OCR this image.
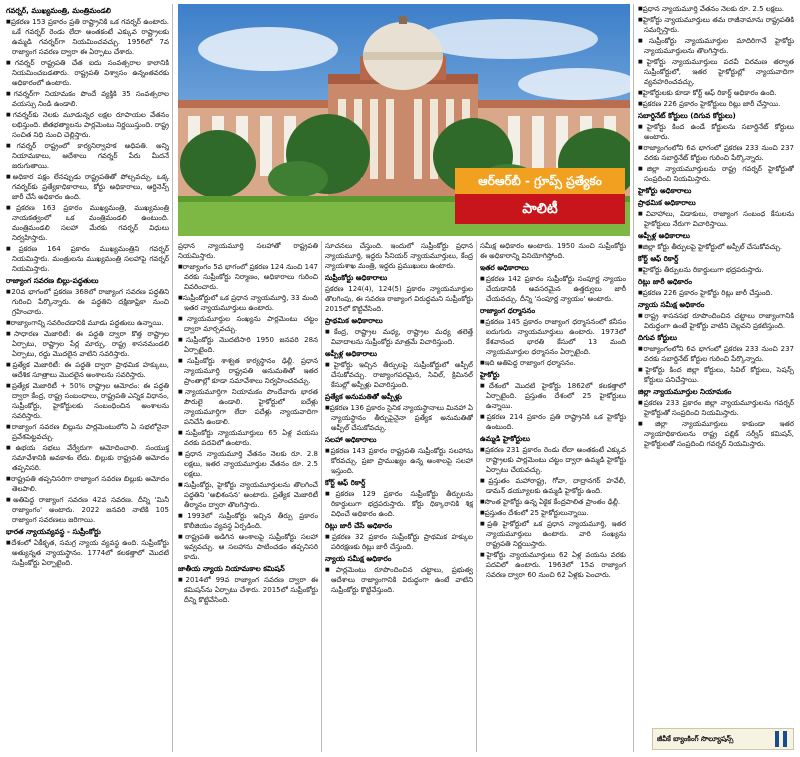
గవర్నర్‌, ముఖ్యమంత్రి, మంత్రిమండలి

■ ప్రకరణ 153 ప్రకారం ప్రతి రాష్ట్రానికి ఒక గవర్నర్‌ ఉంటారు. ఒకే గవర్నర్‌ రెండు లేదా అంతకంటే ఎక్కువ రాష్ట్రాలకు ఉమ్మడి గవర్నర్‌గా నియమించవచ్చు. 1956లో 7వ రాజ్యాంగ సవరణ ద్వారా ఈ ఏర్పాటు చేశారు.

■ గవర్నర్‌ రాష్ట్రపతి చేత ఐదు సంవత్సరాల కాలానికి నియమించబడతారు. రాష్ట్రపతి విశ్వాసం ఉన్నంతవరకు అధికారంలో ఉంటారు.

■ గవర్నర్‌గా నియామకం పొందే వ్యక్తికి 35 సంవత్సరాల వయస్సు నిండి ఉండాలి.

■ గవర్నర్‌కు నెలకు మూడున్నర లక్షల రూపాయల వేతనం లభిస్తుంది. జీతభత్యాలను పార్లమెంటు నిర్ణయిస్తుంది. రాష్ట్ర సంచిత నిధి నుంచి చెల్లిస్తారు.

■ గవర్నర్‌ రాష్ట్రంలో కార్యనిర్వాహక అధిపతి. అన్ని నియామకాలు, ఆదేశాలు గవర్నర్‌ పేరు మీదనే జరుగుతాయి.

■ అధికార పక్షం లేనప్పుడు రాష్ట్రపతితో పోల్చవచ్చు. ఒక్క గవర్నర్‌కు ప్రత్యేకాధికారాలు, కోర్టు అధికారాలు, ఆర్డినెన్స్‌ జారీ చేసే అధికారం ఉంది.

■ ప్రకరణ 163 ప్రకారం ముఖ్యమంత్రి, ముఖ్యమంత్రి నాయకత్వంలో ఒక మంత్రిమండలి ఉంటుంది. మంత్రిమండలి సలహా మేరకు గవర్నర్‌ విధులు నిర్వహిస్తారు.

■ ప్రకరణ 164 ప్రకారం ముఖ్యమంత్రిని గవర్నర్‌ నియమిస్తారు. మంత్రులను ముఖ్యమంత్రి సలహాపై గవర్నర్‌ నియమిస్తారు.

రాజ్యాంగ సవరణ బిల్లు-పద్ధతులు

■ 20వ భాగంలో ప్రకరణ 368లో రాజ్యాంగ సవరణ పద్ధతిని గురించి పేర్కొన్నారు. ఈ పద్ధతిని దక్షిణాఫ్రికా నుంచి గ్రహించారు.

■ రాజ్యాంగాన్ని సవరించడానికి మూడు పద్ధతులు ఉన్నాయి.

■ సాధారణ మెజారిటీ: ఈ పద్ధతి ద్వారా కొత్త రాష్ట్రాల ఏర్పాటు, రాష్ట్రాల పేర్ల మార్పు, రాష్ట్ర శాసనమండలి ఏర్పాటు, రద్దు మొదలైన వాటిని సవరిస్తారు.

■ ప్రత్యేక మెజారిటీ: ఈ పద్ధతి ద్వారా ప్రాథమిక హక్కులు, ఆదేశిక సూత్రాలు మొదలైన అంశాలను సవరిస్తారు.

■ ప్రత్యేక మెజారిటీ + 50% రాష్ట్రాల ఆమోదం: ఈ పద్ధతి ద్వారా కేంద్ర, రాష్ట్ర సంబంధాలు, రాష్ట్రపతి ఎన్నిక విధానం, సుప్రీంకోర్టు, హైకోర్టులకు సంబంధించిన అంశాలను సవరిస్తారు.

■ రాజ్యాంగ సవరణ బిల్లును పార్లమెంటులోని ఏ సభలోనైనా ప్రవేశపెట్టవచ్చు.

■ ఉభయ సభలు వేర్వేరుగా ఆమోదించాలి. సంయుక్త సమావేశానికి అవకాశం లేదు. బిల్లుకు రాష్ట్రపతి ఆమోదం తప్పనిసరి.

■ రాష్ట్రపతి తప్పనిసరిగా రాజ్యాంగ సవరణ బిల్లుకు ఆమోదం తెలపాలి.

■ అతిపెద్ద రాజ్యాంగ సవరణ 42వ సవరణ. దీన్ని 'మినీ రాజ్యాంగం' అంటారు. 2022 జనవరి నాటికి 105 రాజ్యాంగ సవరణలు జరిగాయి.

భారత న్యాయవ్యవస్థ - సుప్రీంకోర్టు

■ దేశంలో ఏకీకృత, సమగ్ర న్యాయ వ్యవస్థ ఉంది. సుప్రీంకోర్టు అత్యున్నత న్యాయస్థానం. 1774లో కలకత్తాలో మొదటి సుప్రీంకోర్టు ఏర్పాటైంది.

ఆర్‌ఆర్‌బీ - గ్రూప్స్‌ ప్రత్యేకం
పాలిటీ

ప్రధాన న్యాయమూర్తి సలహాతో రాష్ట్రపతి నియమిస్తారు.

■ రాజ్యాంగం 5వ భాగంలో ప్రకరణ 124 నుంచి 147 వరకు సుప్రీంకోర్టు నిర్మాణం, అధికారాలు గురించి వివరించారు.

■ సుప్రీంకోర్టులో ఒక ప్రధాన న్యాయమూర్తి, 33 మంది ఇతర న్యాయమూర్తులు ఉంటారు.

■ న్యాయమూర్తుల సంఖ్యను పార్లమెంటు చట్టం ద్వారా మార్చవచ్చు.

■ సుప్రీంకోర్టు మొదటిసారి 1950 జనవరి 28న ఏర్పాటైంది.

■ సుప్రీంకోర్టు శాశ్వత కార్యస్థానం ఢిల్లీ. ప్రధాన న్యాయమూర్తి రాష్ట్రపతి అనుమతితో ఇతర ప్రాంతాల్లో కూడా సమావేశాలు నిర్వహించవచ్చు.

■ న్యాయమూర్తిగా నియామకం పొందేవారు భారత పౌరులై ఉండాలి. హైకోర్టులో ఐదేళ్లు న్యాయమూర్తిగా లేదా పదేళ్లు న్యాయవాదిగా పనిచేసి ఉండాలి.

■ సుప్రీంకోర్టు న్యాయమూర్తులు 65 ఏళ్ల వయసు వరకు పదవిలో ఉంటారు.

■ ప్రధాన న్యాయమూర్తి వేతనం నెలకు రూ. 2.8 లక్షలు, ఇతర న్యాయమూర్తుల వేతనం రూ. 2.5 లక్షలు.

■ సుప్రీంకోర్టు, హైకోర్టు న్యాయమూర్తులను తొలగించే పద్ధతిని 'అభిశంసన' అంటారు. ప్రత్యేక మెజారిటీ తీర్మానం ద్వారా తొలగిస్తారు.

■ 1993లో సుప్రీంకోర్టు ఇచ్చిన తీర్పు ప్రకారం కొలీజియం వ్యవస్థ ఏర్పడింది.

■ రాష్ట్రపతి అడిగిన అంశాలపై సుప్రీంకోర్టు సలహా ఇవ్వవచ్చు. ఆ సలహాను పాటించడం తప్పనిసరి కాదు.

జాతీయ న్యాయ నియామకాల కమిషన్‌

■ 2014లో 99వ రాజ్యాంగ సవరణ ద్వారా ఈ కమిషన్‌ను ఏర్పాటు చేశారు. 2015లో సుప్రీంకోర్టు దీన్ని కొట్టివేసింది.

సూచనలు చేస్తుంది. ఇందులో సుప్రీంకోర్టు ప్రధాన న్యాయమూర్తి, ఇద్దరు సీనియర్‌ న్యాయమూర్తులు, కేంద్ర న్యాయశాఖ మంత్రి, ఇద్దరు ప్రముఖులు ఉంటారు.

సుప్రీంకోర్టు అధికారాలు

ప్రకరణ 124(4), 124(5) ప్రకారం న్యాయమూర్తుల తొలగింపు, ఈ సవరణ రాజ్యాంగ విరుద్ధమని సుప్రీంకోర్టు 2015లో కొట్టివేసింది.

ప్రాథమిక అధికారాలు

■ కేంద్ర, రాష్ట్రాల మధ్య, రాష్ట్రాల మధ్య తలెత్తే వివాదాలను సుప్రీంకోర్టు మాత్రమే విచారిస్తుంది.

అప్పీళ్ల అధికారాలు

■ హైకోర్టు ఇచ్చిన తీర్పులపై సుప్రీంకోర్టులో అప్పీల్‌ చేసుకోవచ్చు. రాజ్యాంగపరమైన, సివిల్‌, క్రిమినల్‌ కేసుల్లో అప్పీళ్లు విచారిస్తుంది.

ప్రత్యేక అనుమతితో అప్పీళ్లు

■ ప్రకరణ 136 ప్రకారం సైనిక న్యాయస్థానాలు మినహా ఏ న్యాయస్థానం తీర్పుపైనైనా ప్రత్యేక అనుమతితో అప్పీల్‌ చేసుకోవచ్చు.

సలహా అధికారాలు

■ ప్రకరణ 143 ప్రకారం రాష్ట్రపతి సుప్రీంకోర్టు సలహాను కోరవచ్చు. ప్రజా ప్రాముఖ్యం ఉన్న అంశాలపై సలహా ఇస్తుంది.

కోర్ట్‌ ఆఫ్‌ రికార్డ్‌

■ ప్రకరణ 129 ప్రకారం సుప్రీంకోర్టు తీర్పులను రికార్డులుగా భద్రపరుస్తారు. కోర్టు ధిక్కారానికి శిక్ష విధించే అధికారం ఉంది.

రిట్లు జారీ చేసే అధికారం

■ ప్రకరణ 32 ప్రకారం సుప్రీంకోర్టు ప్రాథమిక హక్కుల పరిరక్షణకు రిట్లు జారీ చేస్తుంది.

న్యాయ సమీక్ష అధికారం

■ పార్లమెంటు రూపొందించిన చట్టాలు, ప్రభుత్వ ఆదేశాలు రాజ్యాంగానికి విరుద్ధంగా ఉంటే వాటిని సుప్రీంకోర్టు కొట్టివేస్తుంది.

సమీక్ష అధికారం అంటారు. 1950 నుంచి సుప్రీంకోర్టు ఈ అధికారాన్ని వినియోగిస్తోంది.

ఇతర అధికారాలు

■ ప్రకరణ 142 ప్రకారం సుప్రీంకోర్టు సంపూర్ణ న్యాయం చేయడానికి అవసరమైన ఉత్తర్వులు జారీ చేయవచ్చు. దీన్ని 'సంపూర్ణ న్యాయం' అంటారు.

రాజ్యాంగ ధర్మాసనం

■ ప్రకరణ 145 ప్రకారం రాజ్యాంగ ధర్మాసనంలో కనీసం ఐదుగురు న్యాయమూర్తులు ఉంటారు. 1973లో కేశవానంద భారతి కేసులో 13 మంది న్యాయమూర్తుల ధర్మాసనం ఏర్పాటైంది.

■ ఇది అతిపెద్ద రాజ్యాంగ ధర్మాసనం.

హైకోర్టు

■ దేశంలో మొదటి హైకోర్టు 1862లో కలకత్తాలో ఏర్పాటైంది. ప్రస్తుతం దేశంలో 25 హైకోర్టులు ఉన్నాయి.

■ ప్రకరణ 214 ప్రకారం ప్రతి రాష్ట్రానికి ఒక హైకోర్టు ఉంటుంది.

ఉమ్మడి హైకోర్టులు

■ ప్రకరణ 231 ప్రకారం రెండు లేదా అంతకంటే ఎక్కువ రాష్ట్రాలకు పార్లమెంటు చట్టం ద్వారా ఉమ్మడి హైకోర్టు ఏర్పాటు చేయవచ్చు.

■ ప్రస్తుతం మహారాష్ట్ర, గోవా, దాద్రానగర్‌ హవేలీ, డామన్‌ డయ్యూలకు ఉమ్మడి హైకోర్టు ఉంది.

■ సొంత హైకోర్టు ఉన్న ఏకైక కేంద్రపాలిత ప్రాంతం ఢిల్లీ.

■ ప్రస్తుతం దేశంలో 25 హైకోర్టులున్నాయి.

■ ప్రతి హైకోర్టులో ఒక ప్రధాన న్యాయమూర్తి, ఇతర న్యాయమూర్తులు ఉంటారు. వారి సంఖ్యను రాష్ట్రపతి నిర్ణయిస్తారు.

■ హైకోర్టు న్యాయమూర్తులు 62 ఏళ్ల వయసు వరకు పదవిలో ఉంటారు. 1963లో 15వ రాజ్యాంగ సవరణ ద్వారా 60 నుంచి 62 ఏళ్లకు పెంచారు.

■ ప్రధాన న్యాయమూర్తి వేతనం నెలకు రూ. 2.5 లక్షలు.

■ హైకోర్టు న్యాయమూర్తులు తమ రాజీనామాను రాష్ట్రపతికి సమర్పిస్తారు.

■ సుప్రీంకోర్టు న్యాయమూర్తుల మాదిరిగానే హైకోర్టు న్యాయమూర్తులను తొలగిస్తారు.

■ హైకోర్టు న్యాయమూర్తులు పదవీ విరమణ తర్వాత సుప్రీంకోర్టులో, ఇతర హైకోర్టుల్లో న్యాయవాదిగా వ్యవహరించవచ్చు.

■ హైకోర్టులకు కూడా కోర్ట్‌ ఆఫ్‌ రికార్డ్‌ అధికారం ఉంది.

■ ప్రకరణ 226 ప్రకారం హైకోర్టులు రిట్లు జారీ చేస్తాయి.

సబార్డినేట్‌ కోర్టులు (దిగువ కోర్టులు)

■ హైకోర్టు కింద ఉండే కోర్టులను సబార్డినేట్‌ కోర్టులు అంటారు.

■ రాజ్యాంగంలోని 6వ భాగంలో ప్రకరణ 233 నుంచి 237 వరకు సబార్డినేట్‌ కోర్టుల గురించి పేర్కొన్నారు.

■ జిల్లా న్యాయమూర్తులను రాష్ట్ర గవర్నర్‌ హైకోర్టుతో సంప్రదించి నియమిస్తారు.

హైకోర్టు అధికారాలు
ప్రాథమిక అధికారాలు

■ వివాహాలు, విడాకులు, రాజ్యాంగ సంబంధ కేసులను హైకోర్టులు నేరుగా విచారిస్తాయి.

అప్పీళ్ల అధికారాలు

■ జిల్లా కోర్టు తీర్పులపై హైకోర్టులో అప్పీల్‌ చేసుకోవచ్చు.

కోర్ట్‌ ఆఫ్‌ రికార్డ్‌

■ హైకోర్టు తీర్పులను రికార్డులుగా భద్రపరుస్తారు.

రిట్లు జారీ అధికారం

■ ప్రకరణ 226 ప్రకారం హైకోర్టు రిట్లు జారీ చేస్తుంది.

న్యాయ సమీక్ష అధికారం

■ రాష్ట్ర శాసనసభ రూపొందించిన చట్టాలు రాజ్యాంగానికి విరుద్ధంగా ఉంటే హైకోర్టు వాటిని చెల్లవని ప్రకటిస్తుంది.

దిగువ కోర్టులు

■ రాజ్యాంగంలోని 6వ భాగంలో ప్రకరణ 233 నుంచి 237 వరకు సబార్డినేట్‌ కోర్టుల గురించి పేర్కొన్నారు.

■ హైకోర్టు కింద జిల్లా కోర్టులు, సివిల్‌ కోర్టులు, సెషన్స్‌ కోర్టులు పనిచేస్తాయి.

జిల్లా న్యాయమూర్తుల నియామకం

■ ప్రకరణ 233 ప్రకారం జిల్లా న్యాయమూర్తులను గవర్నర్‌ హైకోర్టుతో సంప్రదించి నియమిస్తారు.

■ జిల్లా న్యాయమూర్తులు కాకుండా ఇతర న్యాయాధికారులను రాష్ట్ర పబ్లిక్‌ సర్వీస్‌ కమిషన్‌, హైకోర్టులతో సంప్రదించి గవర్నర్‌ నియమిస్తారు.

జీవీకే బ్యాంకింగ్‌ సొల్యూషన్స్‌
